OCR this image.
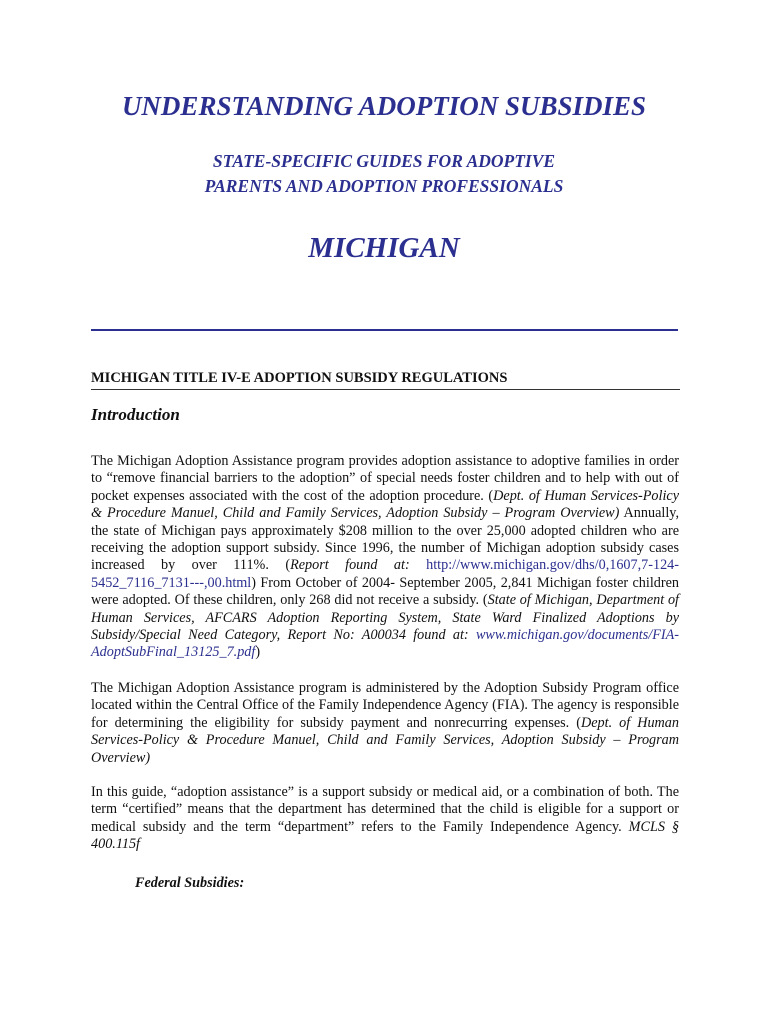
UNDERSTANDING ADOPTION SUBSIDIES
STATE-SPECIFIC GUIDES FOR ADOPTIVE PARENTS AND ADOPTION PROFESSIONALS
MICHIGAN
MICHIGAN TITLE IV-E ADOPTION SUBSIDY REGULATIONS
Introduction

The Michigan Adoption Assistance program provides adoption assistance to adoptive families in order to “remove financial barriers to the adoption” of special needs foster children and to help with out of pocket expenses associated with the cost of the adoption procedure. (Dept. of Human Services-Policy & Procedure Manuel, Child and Family Services, Adoption Subsidy – Program Overview) Annually, the state of Michigan pays approximately $208 million to the over 25,000 adopted children who are receiving the adoption support subsidy. Since 1996, the number of Michigan adoption subsidy cases increased by over 111%. (Report found at: http://www.michigan.gov/dhs/0,1607,7-124-5452_7116_7131---,00.html) From October of 2004- September 2005, 2,841 Michigan foster children were adopted. Of these children, only 268 did not receive a subsidy. (State of Michigan, Department of Human Services, AFCARS Adoption Reporting System, State Ward Finalized Adoptions by Subsidy/Special Need Category, Report No: A00034 found at: www.michigan.gov/documents/FIA-AdoptSubFinal_13125_7.pdf)

The Michigan Adoption Assistance program is administered by the Adoption Subsidy Program office located within the Central Office of the Family Independence Agency (FIA). The agency is responsible for determining the eligibility for subsidy payment and nonrecurring expenses. (Dept. of Human Services-Policy & Procedure Manuel, Child and Family Services, Adoption Subsidy – Program Overview)

In this guide, “adoption assistance” is a support subsidy or medical aid, or a combination of both. The term “certified” means that the department has determined that the child is eligible for a support or medical subsidy and the term “department” refers to the Family Independence Agency. MCLS § 400.115f

Federal Subsidies:
